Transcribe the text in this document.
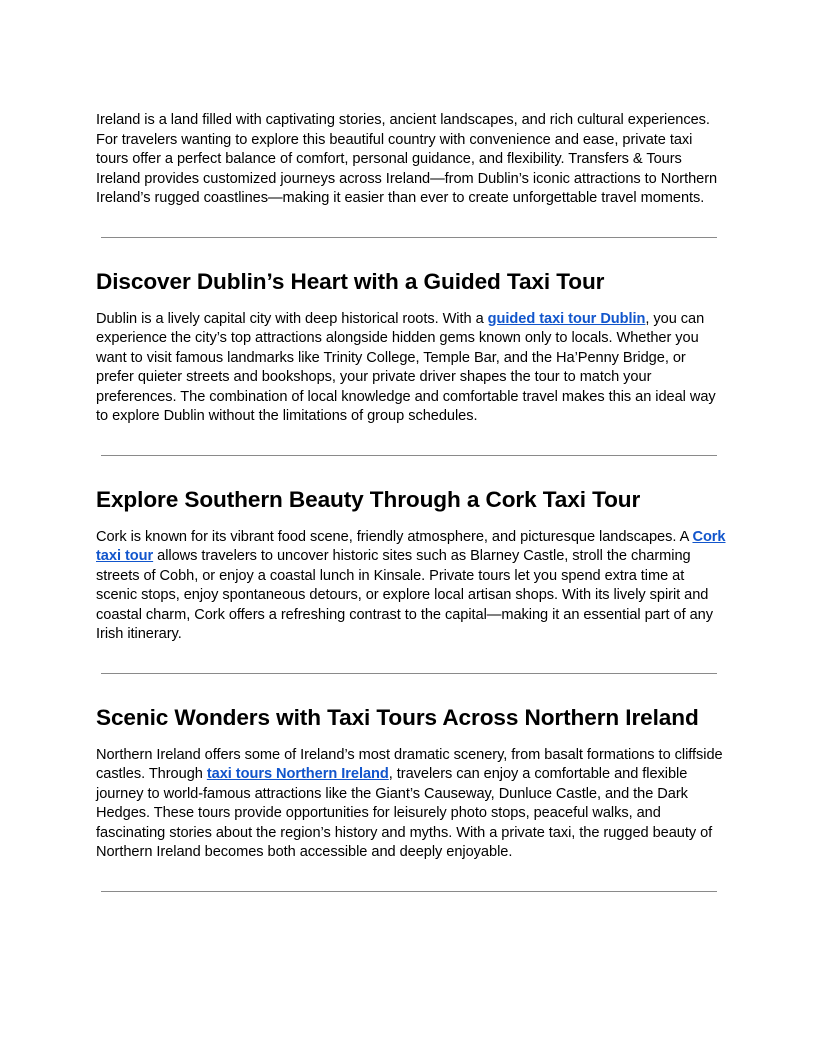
Ireland is a land filled with captivating stories, ancient landscapes, and rich cultural experiences. For travelers wanting to explore this beautiful country with convenience and ease, private taxi tours offer a perfect balance of comfort, personal guidance, and flexibility. Transfers & Tours Ireland provides customized journeys across Ireland—from Dublin’s iconic attractions to Northern Ireland’s rugged coastlines—making it easier than ever to create unforgettable travel moments.

Discover Dublin’s Heart with a Guided Taxi Tour

Dublin is a lively capital city with deep historical roots. With a guided taxi tour Dublin, you can experience the city’s top attractions alongside hidden gems known only to locals. Whether you want to visit famous landmarks like Trinity College, Temple Bar, and the Ha’Penny Bridge, or prefer quieter streets and bookshops, your private driver shapes the tour to match your preferences. The combination of local knowledge and comfortable travel makes this an ideal way to explore Dublin without the limitations of group schedules.

Explore Southern Beauty Through a Cork Taxi Tour

Cork is known for its vibrant food scene, friendly atmosphere, and picturesque landscapes. A Cork taxi tour allows travelers to uncover historic sites such as Blarney Castle, stroll the charming streets of Cobh, or enjoy a coastal lunch in Kinsale. Private tours let you spend extra time at scenic stops, enjoy spontaneous detours, or explore local artisan shops. With its lively spirit and coastal charm, Cork offers a refreshing contrast to the capital—making it an essential part of any Irish itinerary.

Scenic Wonders with Taxi Tours Across Northern Ireland

Northern Ireland offers some of Ireland’s most dramatic scenery, from basalt formations to cliffside castles. Through taxi tours Northern Ireland, travelers can enjoy a comfortable and flexible journey to world-famous attractions like the Giant’s Causeway, Dunluce Castle, and the Dark Hedges. These tours provide opportunities for leisurely photo stops, peaceful walks, and fascinating stories about the region’s history and myths. With a private taxi, the rugged beauty of Northern Ireland becomes both accessible and deeply enjoyable.
